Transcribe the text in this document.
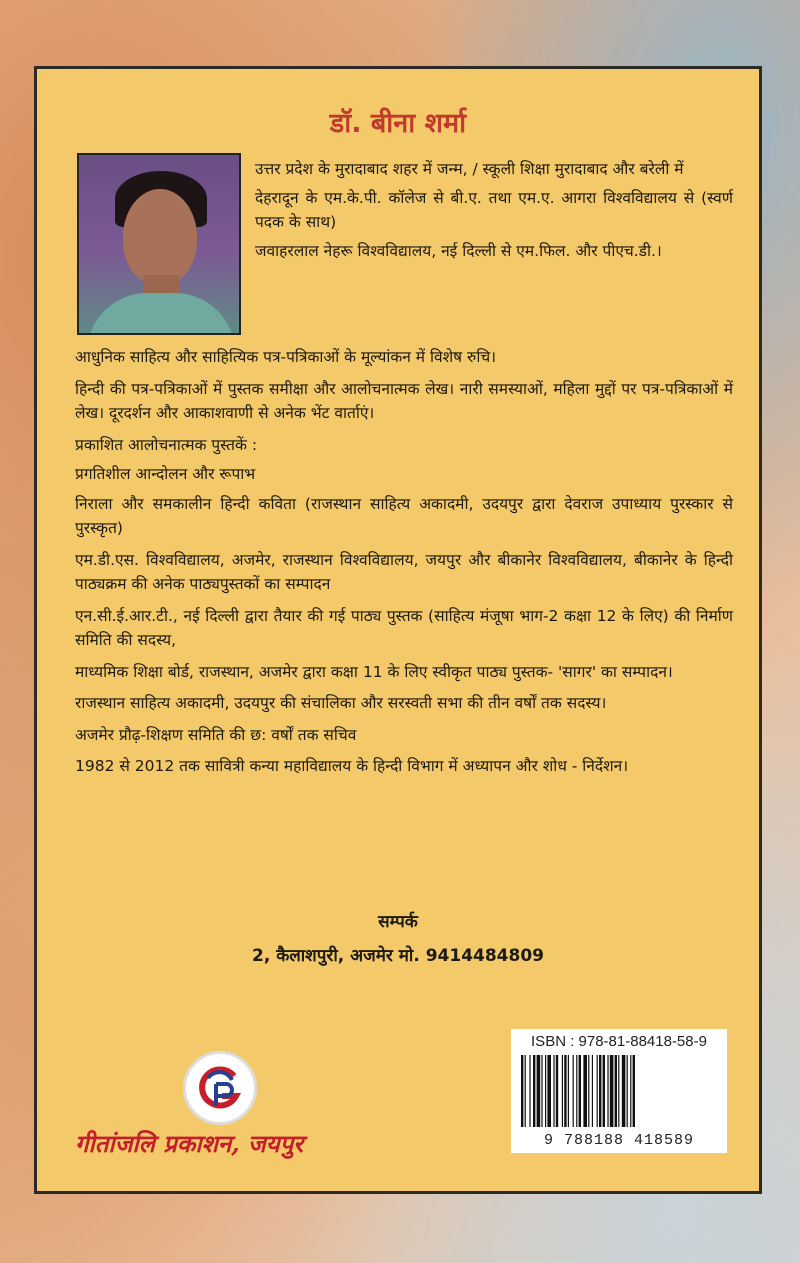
डॉ. बीना शर्मा

उत्तर प्रदेश के मुरादाबाद शहर में जन्म, / स्कूली शिक्षा मुरादाबाद और बरेली में

देहरादून के एम.के.पी. कॉलेज से बी.ए. तथा एम.ए. आगरा विश्वविद्यालय से (स्वर्ण पदक के साथ)

जवाहरलाल नेहरू विश्वविद्यालय, नई दिल्ली से एम.फिल. और पीएच.डी.।

आधुनिक साहित्य और साहित्यिक पत्र-पत्रिकाओं के मूल्यांकन में विशेष रुचि।

हिन्दी की पत्र-पत्रिकाओं में पुस्तक समीक्षा और आलोचनात्मक लेख। नारी समस्याओं, महिला मुद्दों पर पत्र-पत्रिकाओं में लेख। दूरदर्शन और आकाशवाणी से अनेक भेंट वार्ताएं।

प्रकाशित आलोचनात्मक पुस्तकें :

प्रगतिशील आन्दोलन और रूपाभ

निराला और समकालीन हिन्दी कविता (राजस्थान साहित्य अकादमी, उदयपुर द्वारा देवराज उपाध्याय पुरस्कार से पुरस्कृत)

एम.डी.एस. विश्वविद्यालय, अजमेर, राजस्थान विश्वविद्यालय, जयपुर और बीकानेर विश्वविद्यालय, बीकानेर के हिन्दी पाठ्यक्रम की अनेक पाठ्यपुस्तकों का सम्पादन

एन.सी.ई.आर.टी., नई दिल्ली द्वारा तैयार की गई पाठ्य पुस्तक (साहित्य मंजूषा भाग-2 कक्षा 12 के लिए) की निर्माण समिति की सदस्य,

माध्यमिक शिक्षा बोर्ड, राजस्थान, अजमेर द्वारा कक्षा 11 के लिए स्वीकृत पाठ्य पुस्तक- 'सागर' का सम्पादन।

राजस्थान साहित्य अकादमी, उदयपुर की संचालिका और सरस्वती सभा की तीन वर्षों तक सदस्य।

अजमेर प्रौढ़-शिक्षण समिति की छ: वर्षों तक सचिव

1982 से 2012 तक सावित्री कन्या महाविद्यालय के हिन्दी विभाग में अध्यापन और शोध - निर्देशन।

सम्पर्क
2, कैलाशपुरी, अजमेर मो. 9414484809
गीतांजलि प्रकाशन, जयपुर
ISBN : 978-81-88418-58-9
9 788188 418589
